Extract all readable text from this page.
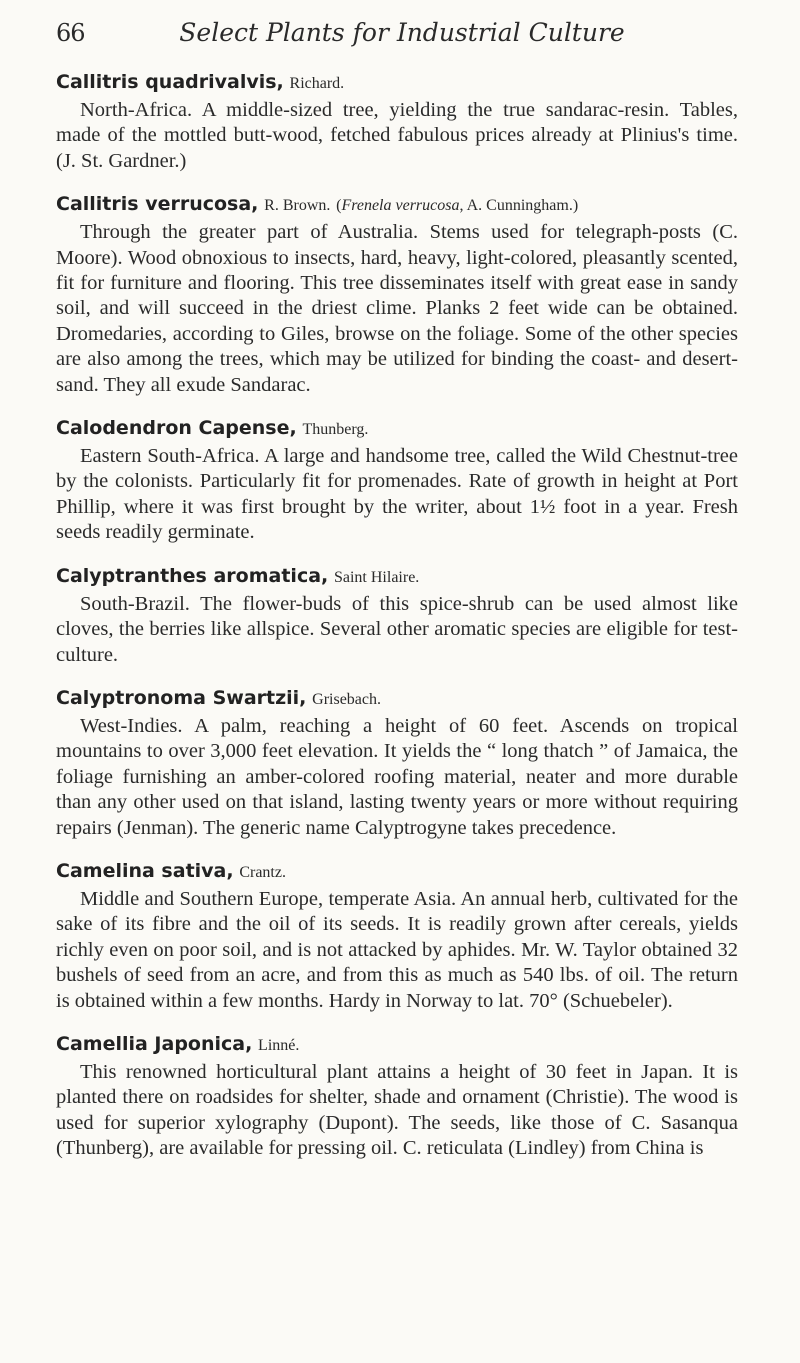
66	Select Plants for Industrial Culture

Callitris quadrivalvis, Richard.

North-Africa. A middle-sized tree, yielding the true sandarac-resin. Tables, made of the mottled butt-wood, fetched fabulous prices already at Plinius's time. (J. St. Gardner.)

Callitris verrucosa, R. Brown. (Frenela verrucosa, A. Cunningham.)

Through the greater part of Australia. Stems used for telegraph-posts (C. Moore). Wood obnoxious to insects, hard, heavy, light-colored, pleasantly scented, fit for furniture and flooring. This tree disseminates itself with great ease in sandy soil, and will succeed in the driest clime. Planks 2 feet wide can be obtained. Dromedaries, according to Giles, browse on the foliage. Some of the other species are also among the trees, which may be utilized for binding the coast- and desert-sand. They all exude Sandarac.

Calodendron Capense, Thunberg.

Eastern South-Africa. A large and handsome tree, called the Wild Chestnut-tree by the colonists. Particularly fit for promenades. Rate of growth in height at Port Phillip, where it was first brought by the writer, about 1½ foot in a year. Fresh seeds readily germinate.

Calyptranthes aromatica, Saint Hilaire.

South-Brazil. The flower-buds of this spice-shrub can be used almost like cloves, the berries like allspice. Several other aromatic species are eligible for test-culture.

Calyptronoma Swartzii, Grisebach.

West-Indies. A palm, reaching a height of 60 feet. Ascends on tropical mountains to over 3,000 feet elevation. It yields the “ long thatch ” of Jamaica, the foliage furnishing an amber-colored roofing material, neater and more durable than any other used on that island, lasting twenty years or more without requiring repairs (Jenman). The generic name Calyptrogyne takes precedence.

Camelina sativa, Crantz.

Middle and Southern Europe, temperate Asia. An annual herb, cultivated for the sake of its fibre and the oil of its seeds. It is readily grown after cereals, yields richly even on poor soil, and is not attacked by aphides. Mr. W. Taylor obtained 32 bushels of seed from an acre, and from this as much as 540 lbs. of oil. The return is obtained within a few months. Hardy in Norway to lat. 70° (Schuebeler).

Camellia Japonica, Linné.

This renowned horticultural plant attains a height of 30 feet in Japan. It is planted there on roadsides for shelter, shade and ornament (Christie). The wood is used for superior xylography (Dupont). The seeds, like those of C. Sasanqua (Thunberg), are available for pressing oil. C. reticulata (Lindley) from China is
